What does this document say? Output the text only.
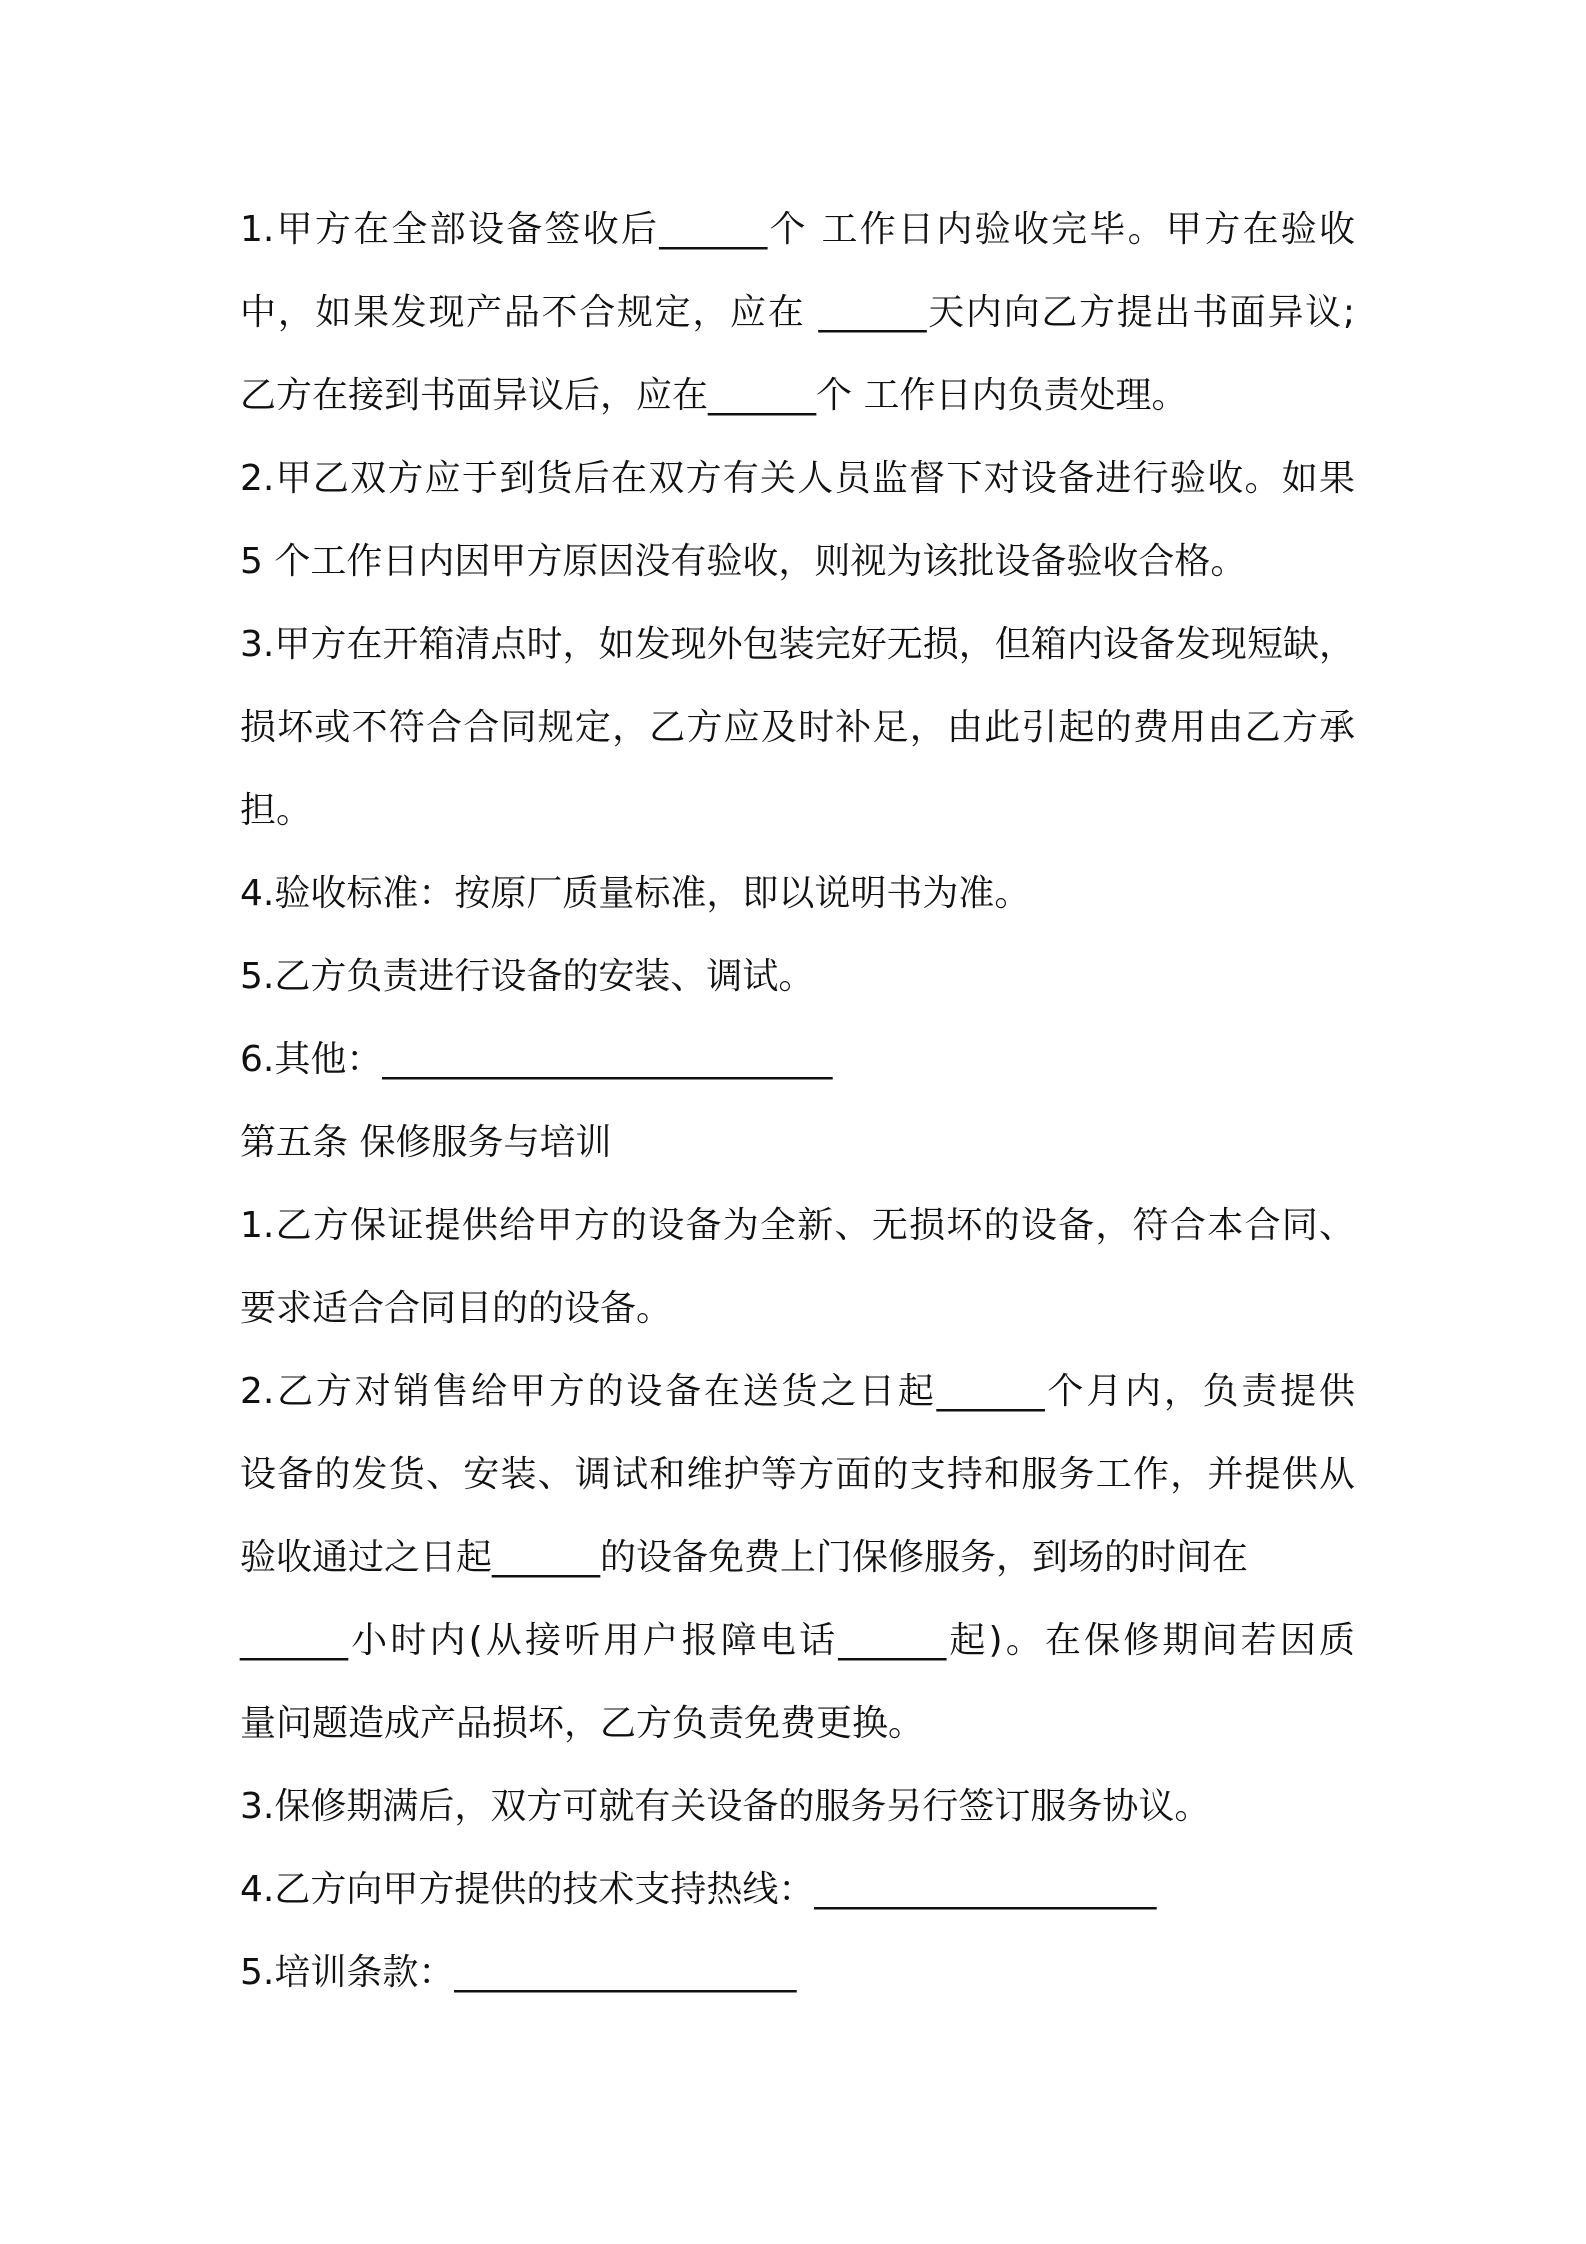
1.甲方在全部设备签收后______个 工作日内验收完毕。甲方在验收
中，如果发现产品不合规定，应在 ______天内向乙方提出书面异议;
乙方在接到书面异议后，应在______个 工作日内负责处理。
2.甲乙双方应于到货后在双方有关人员监督下对设备进行验收。如果
5 个工作日内因甲方原因没有验收，则视为该批设备验收合格。
3.甲方在开箱清点时，如发现外包装完好无损，但箱内设备发现短缺，
损坏或不符合合同规定，乙方应及时补足，由此引起的费用由乙方承
担。
4.验收标准：按原厂质量标准，即以说明书为准。
5.乙方负责进行设备的安装、调试。
6.其他：_________________________
第五条 保修服务与培训
1.乙方保证提供给甲方的设备为全新、无损坏的设备，符合本合同、
要求适合合同目的的设备。
2.乙方对销售给甲方的设备在送货之日起______个月内，负责提供
设备的发货、安装、调试和维护等方面的支持和服务工作，并提供从
验收通过之日起______的设备免费上门保修服务，到场的时间在
______小时内(从接听用户报障电话______起)。在保修期间若因质
量问题造成产品损坏，乙方负责免费更换。
3.保修期满后，双方可就有关设备的服务另行签订服务协议。
4.乙方向甲方提供的技术支持热线：___________________
5.培训条款：___________________
